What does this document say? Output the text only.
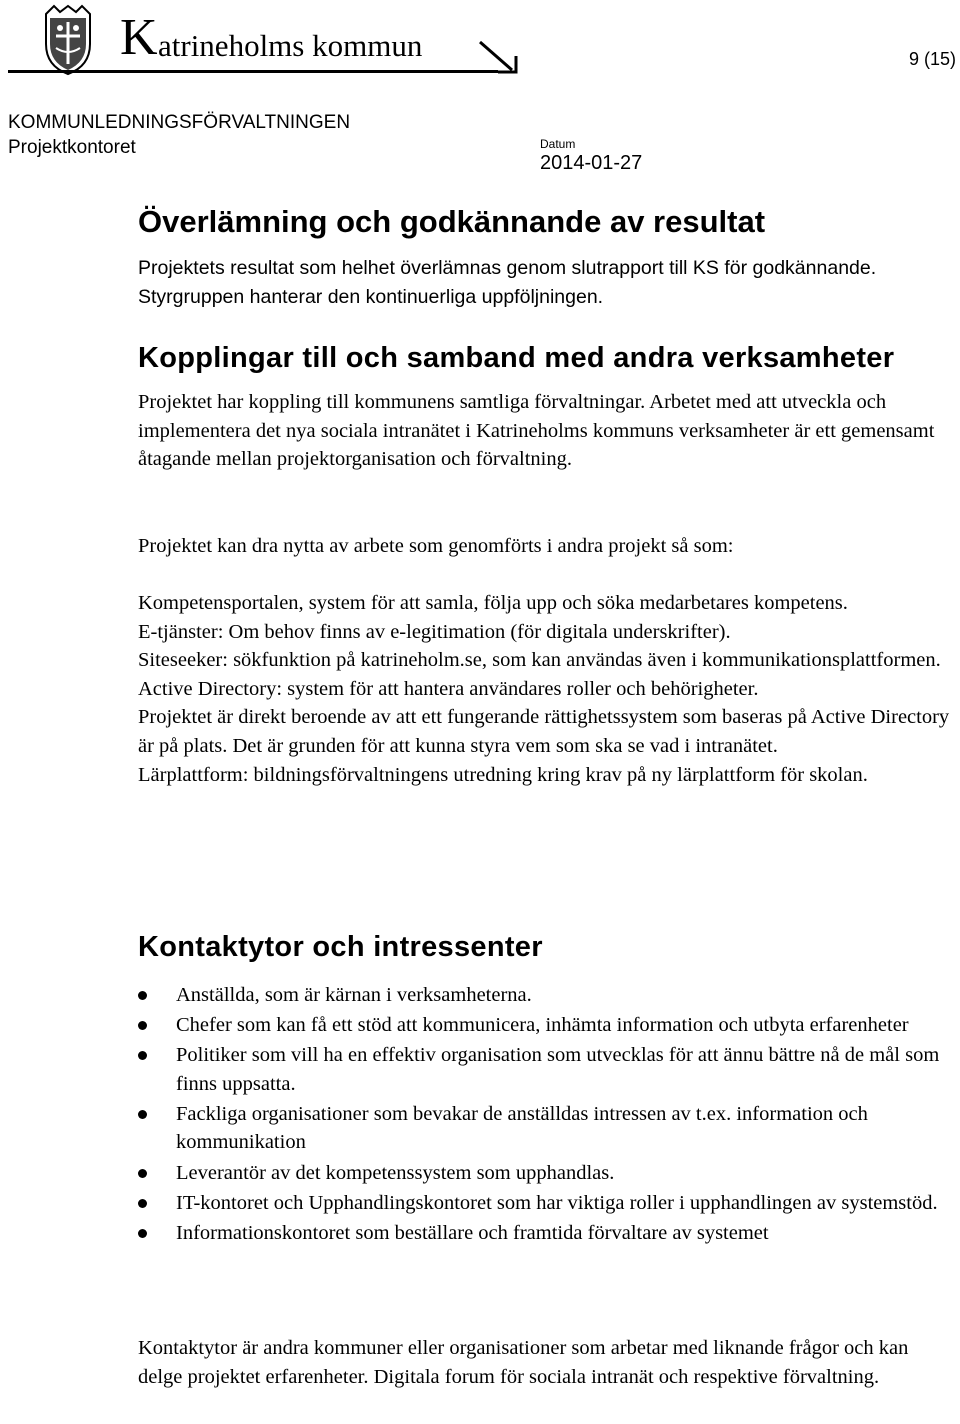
K atrineholms kommun	9 (15)
KOMMUNLEDNINGSFÖRVALTNINGEN
Projektkontoret	Datum
2014-01-27
Överlämning och godkännande av resultat

Projektets resultat som helhet överlämnas genom slutrapport till KS för godkännande. Styrgruppen hanterar den kontinuerliga uppföljningen.

Kopplingar till och samband med andra verksamheter

Projektet har koppling till kommunens samtliga förvaltningar. Arbetet med att utveckla och implementera det nya sociala intranätet i Katrineholms kommuns verksamheter är ett gemensamt åtagande mellan projektorganisation och förvaltning.

Projektet kan dra nytta av arbete som genomförts i andra projekt så som:

Kompetensportalen, system för att samla, följa upp och söka medarbetares kompetens.

E-tjänster: Om behov finns av e-legitimation (för digitala underskrifter).

Siteseeker: sökfunktion på katrineholm.se, som kan användas även i kommunikationsplattformen.

Active Directory: system för att hantera användares roller och behörigheter.

Projektet är direkt beroende av att ett fungerande rättighetssystem som baseras på Active Directory är på plats. Det är grunden för att kunna styra vem som ska se vad i intranätet.

Lärplattform: bildningsförvaltningens utredning kring krav på ny lärplattform för skolan.

Kontaktytor och intressenter
Anställda, som är kärnan i verksamheterna.
Chefer som kan få ett stöd att kommunicera, inhämta information och utbyta erfarenheter
Politiker som vill ha en effektiv organisation som utvecklas för att ännu bättre nå de mål som finns uppsatta.
Fackliga organisationer som bevakar de anställdas intressen av t.ex. information och kommunikation
Leverantör av det kompetenssystem som upphandlas.
IT-kontoret och Upphandlingskontoret som har viktiga roller i upphandlingen av systemstöd.
Informationskontoret som beställare och framtida förvaltare av systemet

Kontaktytor är andra kommuner eller organisationer som arbetar med liknande frågor och kan delge projektet erfarenheter. Digitala forum för sociala intranät och respektive förvaltning.
